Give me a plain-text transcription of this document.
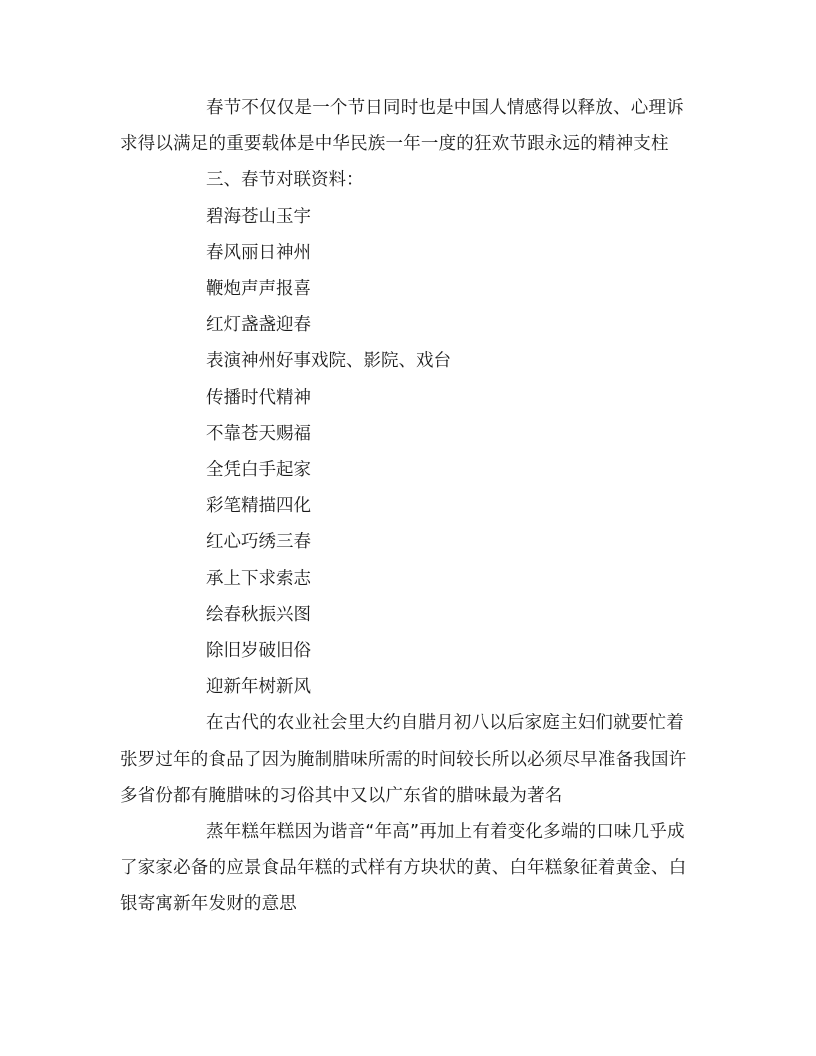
春节不仅仅是一个节日同时也是中国人情感得以释放、心理诉求得以满足的重要载体是中华民族一年一度的狂欢节跟永远的精神支柱

三、春节对联资料：

碧海苍山玉宇
春风丽日神州
鞭炮声声报喜
红灯盏盏迎春
表演神州好事戏院、影院、戏台
传播时代精神
不靠苍天赐福
全凭白手起家
彩笔精描四化
红心巧绣三春
承上下求索志
绘春秋振兴图
除旧岁破旧俗
迎新年树新风

在古代的农业社会里大约自腊月初八以后家庭主妇们就要忙着张罗过年的食品了因为腌制腊味所需的时间较长所以必须尽早准备我国许多省份都有腌腊味的习俗其中又以广东省的腊味最为著名

蒸年糕年糕因为谐音“年高”再加上有着变化多端的口味几乎成了家家必备的应景食品年糕的式样有方块状的黄、白年糕象征着黄金、白银寄寓新年发财的意思
